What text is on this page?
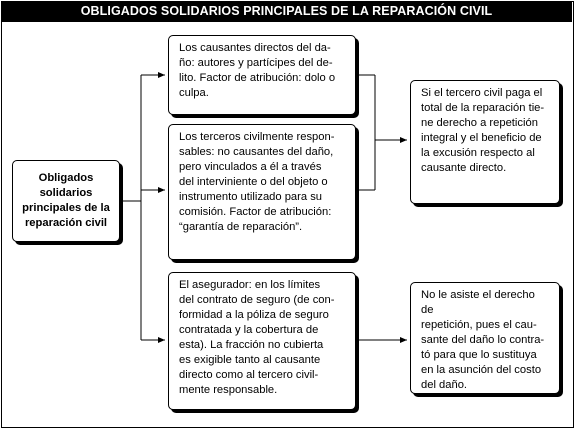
OBLIGADOS SOLIDARIOS PRINCIPALES DE LA REPARACIÓN CIVIL
Obligados
solidarios
principales de la
reparación civil
Los causantes directos del da-
ño: autores y partícipes del de-
lito. Factor de atribución: dolo o
culpa.
Los terceros civilmente respon-
sables: no causantes del daño,
pero vinculados a él a través
del interviniente o del objeto o
instrumento utilizado para su
comisión. Factor de atribución:
“garantía de reparación”.
El asegurador: en los límites
del contrato de seguro (de con-
formidad a la póliza de seguro
contratada y la cobertura de
esta). La fracción no cubierta
es exigible tanto al causante
directo como al tercero civil-
mente responsable.
Si el tercero civil paga el
total de la reparación tie-
ne derecho a repetición
integral y el beneficio de
la excusión respecto al
causante directo.
No le asiste el derecho de
repetición, pues el cau-
sante del daño lo contra-
tó para que lo sustituya
en la asunción del costo
del daño.
